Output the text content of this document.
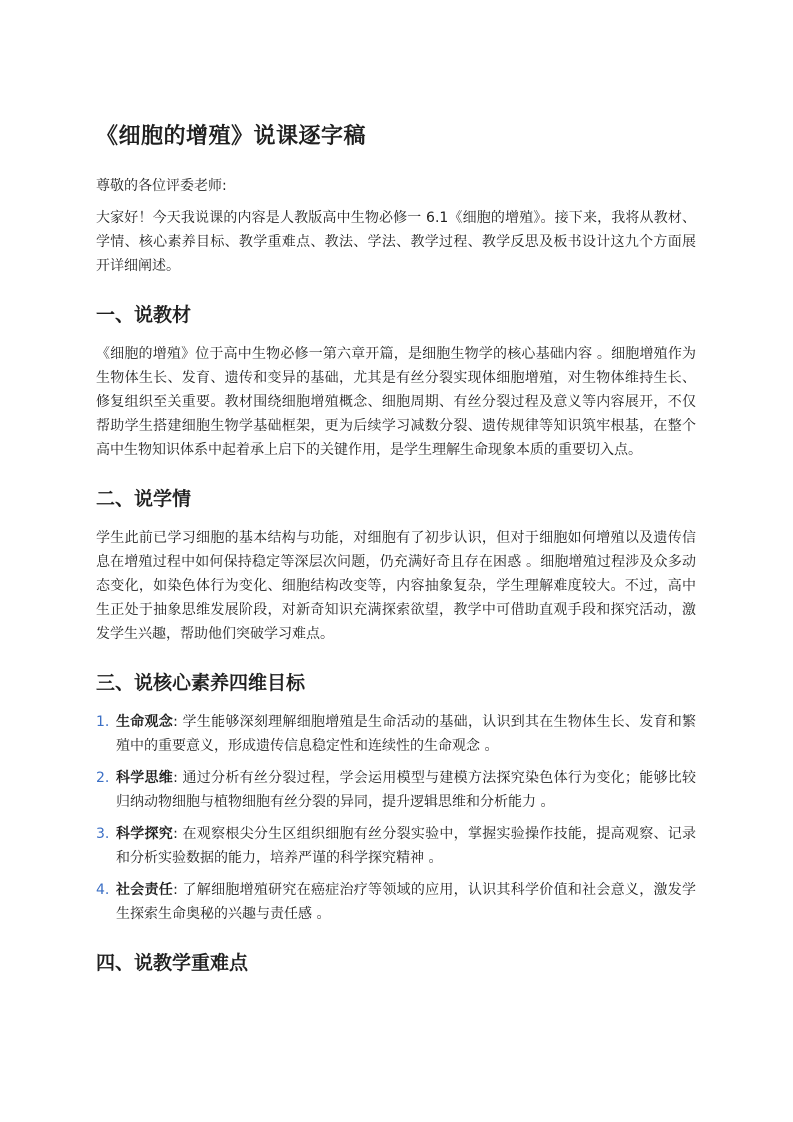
《细胞的增殖》说课逐字稿

尊敬的各位评委老师:

大家好！今天我说课的内容是人教版高中生物必修一 6.1《细胞的增殖》。接下来，我将从教材、学情、核心素养目标、教学重难点、教法、学法、教学过程、教学反思及板书设计这九个方面展开详细阐述。

一、说教材

《细胞的增殖》位于高中生物必修一第六章开篇，是细胞生物学的核心基础内容 。细胞增殖作为生物体生长、发育、遗传和变异的基础，尤其是有丝分裂实现体细胞增殖，对生物体维持生长、修复组织至关重要。教材围绕细胞增殖概念、细胞周期、有丝分裂过程及意义等内容展开，不仅帮助学生搭建细胞生物学基础框架，更为后续学习减数分裂、遗传规律等知识筑牢根基，在整个高中生物知识体系中起着承上启下的关键作用，是学生理解生命现象本质的重要切入点。

二、说学情

学生此前已学习细胞的基本结构与功能，对细胞有了初步认识，但对于细胞如何增殖以及遗传信息在增殖过程中如何保持稳定等深层次问题，仍充满好奇且存在困惑 。细胞增殖过程涉及众多动态变化，如染色体行为变化、细胞结构改变等，内容抽象复杂，学生理解难度较大。不过，高中生正处于抽象思维发展阶段，对新奇知识充满探索欲望，教学中可借助直观手段和探究活动，激发学生兴趣，帮助他们突破学习难点。

三、说核心素养四维目标
1. 生命观念: 学生能够深刻理解细胞增殖是生命活动的基础，认识到其在生物体生长、发育和繁殖中的重要意义，形成遗传信息稳定性和连续性的生命观念 。
2. 科学思维: 通过分析有丝分裂过程，学会运用模型与建模方法探究染色体行为变化；能够比较归纳动物细胞与植物细胞有丝分裂的异同，提升逻辑思维和分析能力 。
3. 科学探究: 在观察根尖分生区组织细胞有丝分裂实验中，掌握实验操作技能，提高观察、记录和分析实验数据的能力，培养严谨的科学探究精神 。
4. 社会责任: 了解细胞增殖研究在癌症治疗等领域的应用，认识其科学价值和社会意义，激发学生探索生命奥秘的兴趣与责任感 。
四、说教学重难点
